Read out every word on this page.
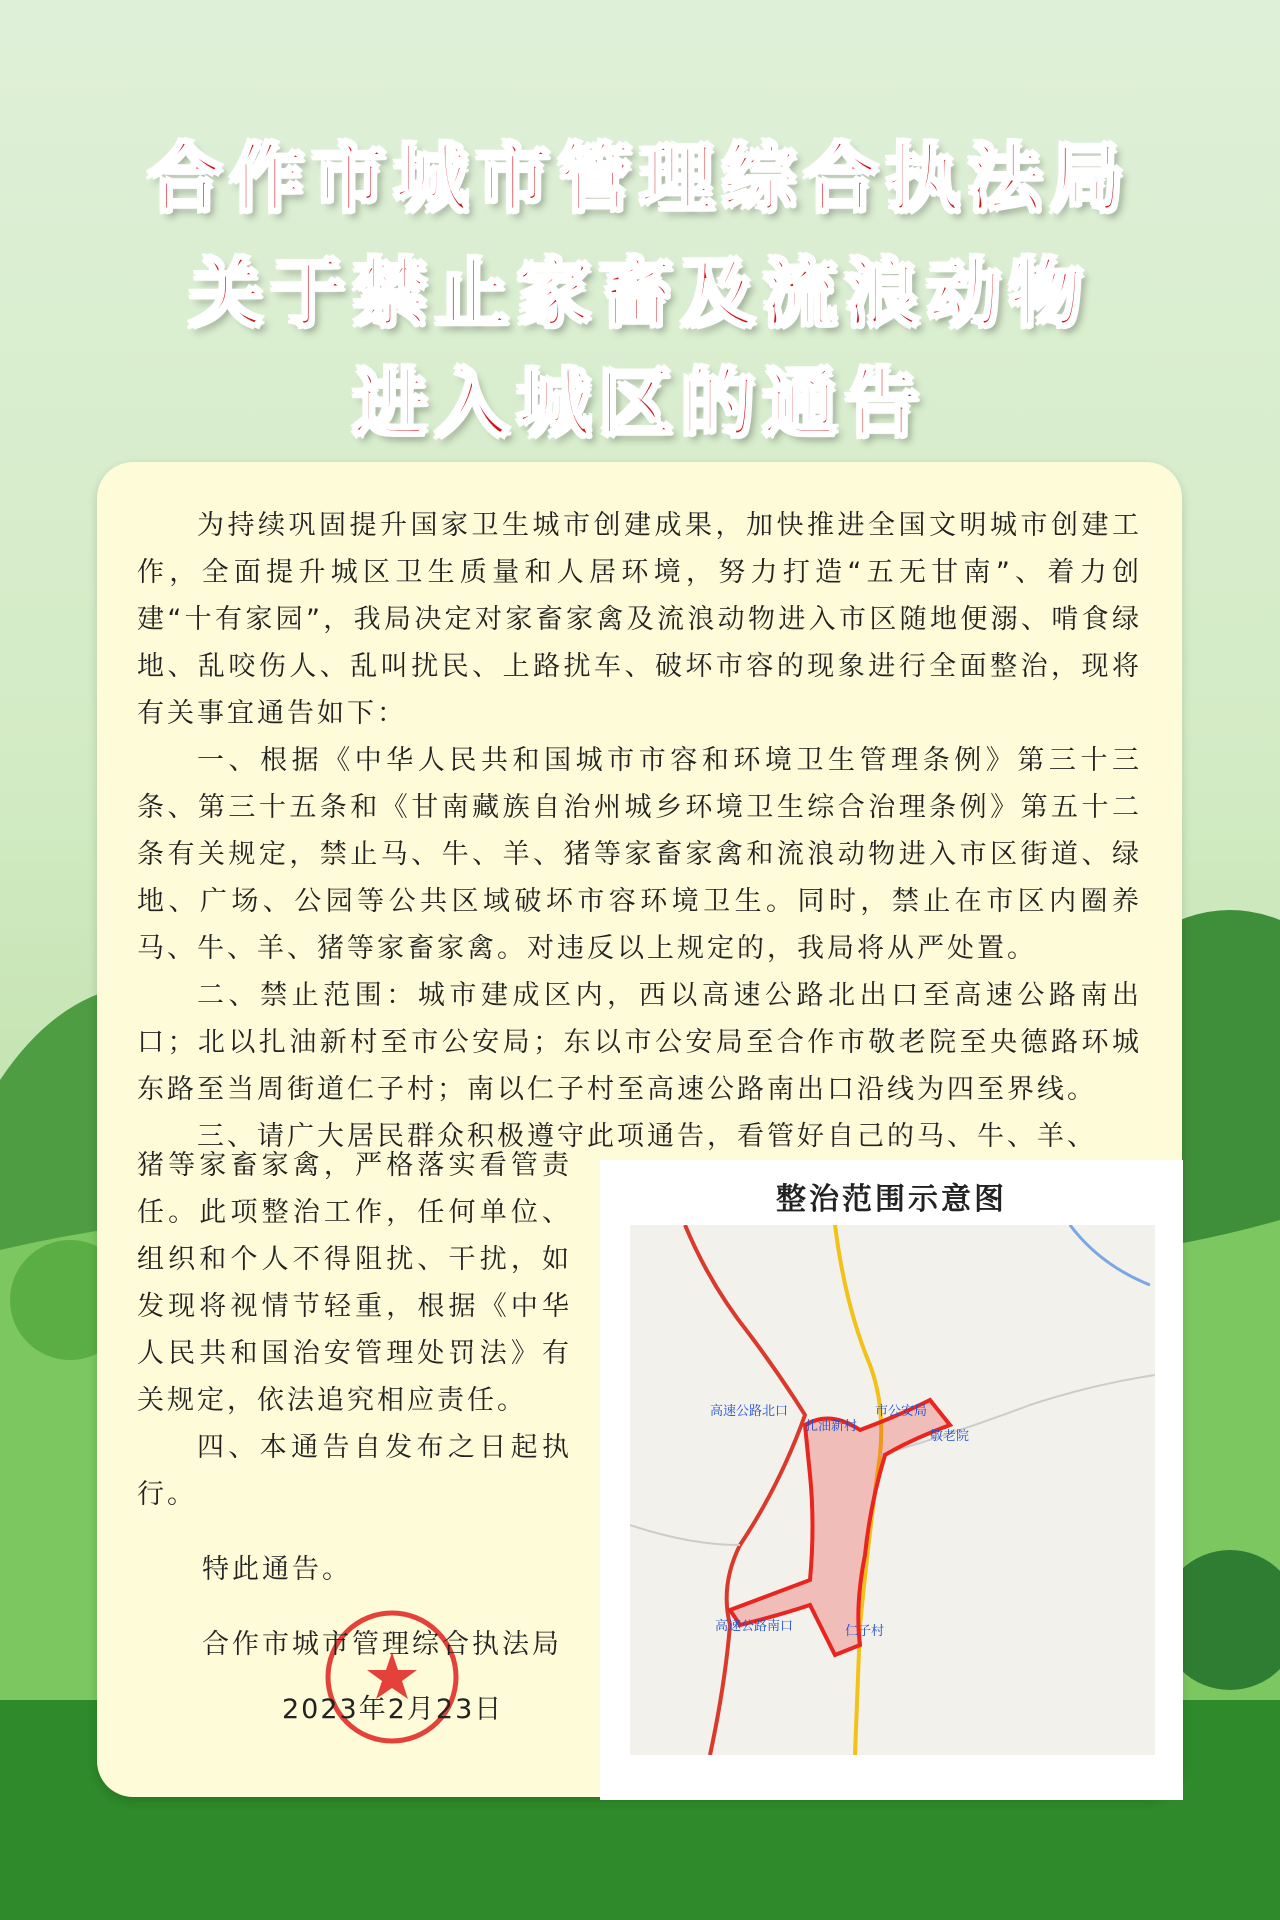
合作市城市管理综合执法局
关于禁止家畜及流浪动物
进入城区的通告

为持续巩固提升国家卫生城市创建成果，加快推进全国文明城市创建工作，全面提升城区卫生质量和人居环境，努力打造“五无甘南”、着力创建“十有家园”，我局决定对家畜家禽及流浪动物进入市区随地便溺、啃食绿地、乱咬伤人、乱叫扰民、上路扰车、破坏市容的现象进行全面整治，现将有关事宜通告如下：

一、根据《中华人民共和国城市市容和环境卫生管理条例》第三十三条、第三十五条和《甘南藏族自治州城乡环境卫生综合治理条例》第五十二条有关规定，禁止马、牛、羊、猪等家畜家禽和流浪动物进入市区街道、绿地、广场、公园等公共区域破坏市容环境卫生。同时，禁止在市区内圈养马、牛、羊、猪等家畜家禽。对违反以上规定的，我局将从严处置。

二、禁止范围：城市建成区内，西以高速公路北出口至高速公路南出口；北以扎油新村至市公安局；东以市公安局至合作市敬老院至央德路环城东路至当周街道仁子村；南以仁子村至高速公路南出口沿线为四至界线。

三、请广大居民群众积极遵守此项通告，看管好自己的马、牛、羊、

猪等家畜家禽，严格落实看管责任。此项整治工作，任何单位、组织和个人不得阻扰、干扰，如发现将视情节轻重，根据《中华人民共和国治安管理处罚法》有关规定，依法追究相应责任。

四、本通告自发布之日起执行。

特此通告。
合作市城市管理综合执法局
2023年2月23日
整治范围示意图
高速公路北口
扎油新村
市公安局
敬老院
高速公路南口	仁子村
